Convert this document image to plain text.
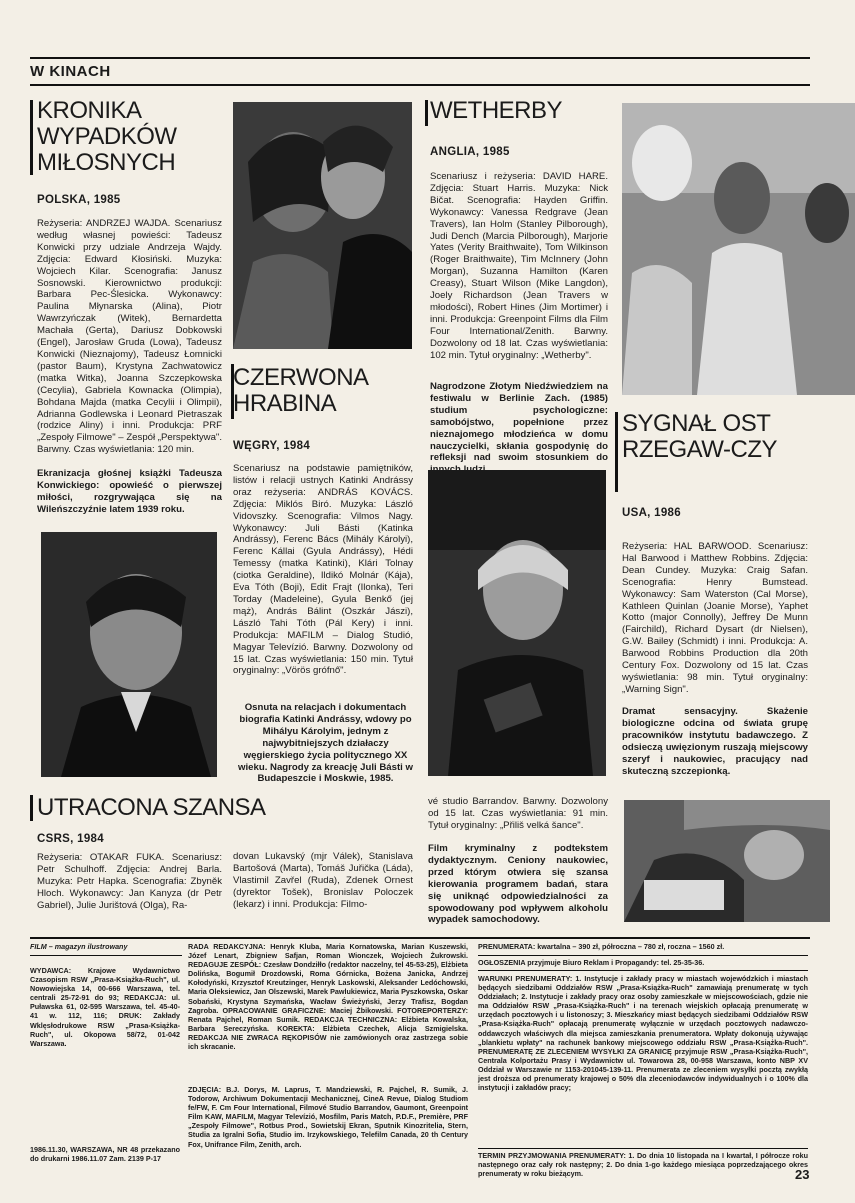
W KINACH
KRONIKA WYPADKÓW MIŁOSNYCH
POLSKA, 1985
Reżyseria: ANDRZEJ WAJDA. Scenariusz według własnej powieści: Tadeusz Konwicki przy udziale Andrzeja Wajdy. Zdjęcia: Edward Kłosiński. Muzyka: Wojciech Kilar. Scenografia: Janusz Sosnowski. Kierownictwo produkcji: Barbara Pec-Ślesicka. Wykonawcy: Paulina Młynarska (Alina), Piotr Wawrzyńczak (Witek), Bernardetta Machała (Gerta), Dariusz Dobkowski (Engel), Jarosław Gruda (Lowa), Tadeusz Konwicki (Nieznajomy), Tadeusz Łomnicki (pastor Baum), Krystyna Zachwatowicz (matka Witka), Joanna Szczepkowska (Cecylia), Gabriela Kownacka (Olimpia), Bohdana Majda (matka Cecylii i Olimpii), Adrianna Godlewska i Leonard Pietraszak (rodzice Aliny) i inni. Produkcja: PRF „Zespoły Filmowe" – Zespół „Perspektywa". Barwny. Czas wyświetlania: 120 min.
Ekranizacja głośnej książki Tadeusza Konwickiego: opowieść o pierwszej miłości, rozgrywająca się na Wileńszczyźnie latem 1939 roku.
CZERWONA HRABINA
WĘGRY, 1984
Scenariusz na podstawie pamiętników, listów i relacji ustnych Katinki Andrássy oraz reżyseria: ANDRÁS KOVÁCS. Zdjęcia: Miklós Biró. Muzyka: László Vidovszky. Scenografia: Vilmos Nagy. Wykonawcy: Juli Básti (Katinka Andrássy), Ferenc Bács (Mihály Károlyi), Ferenc Kállai (Gyula Andrássy), Hédi Temessy (matka Katinki), Klári Tolnay (ciotka Geraldine), Ildikó Molnár (Kája), Eva Tóth (Boji), Edit Frajt (Ilonka), Teri Torday (Madeleine), Gyula Benkő (jej mąż), András Bálint (Oszkár Jászi), László Tahi Tóth (Pál Kery) i inni. Produkcja: MAFILM – Dialog Studió, Magyar Televízió. Barwny. Dozwolony od 15 lat. Czas wyświetlania: 150 min. Tytuł oryginalny: „Vörös grófnő".
Osnuta na relacjach i dokumentach biografia Katinki Andrássy, wdowy po Mihályu Károlyim, jednym z najwybitniejszych działaczy węgierskiego życia politycznego XX wieku. Nagrody za kreację Juli Básti w Budapeszcie i Moskwie, 1985.
WETHERBY
ANGLIA, 1985
Scenariusz i reżyseria: DAVID HARE. Zdjęcia: Stuart Harris. Muzyka: Nick Bičat. Scenografia: Hayden Griffin. Wykonawcy: Vanessa Redgrave (Jean Travers), Ian Holm (Stanley Pilborough), Judi Dench (Marcia Pilborough), Marjorie Yates (Verity Braithwaite), Tom Wilkinson (Roger Braithwaite), Tim McInnery (John Morgan), Suzanna Hamilton (Karen Creasy), Stuart Wilson (Mike Langdon), Joely Richardson (Jean Travers w młodości), Robert Hines (Jim Mortimer) i inni. Produkcja: Greenpoint Films dla Film Four International/Zenith. Barwny. Dozwolony od 18 lat. Czas wyświetlania: 102 min. Tytuł oryginalny: „Wetherby".
Nagrodzone Złotym Niedźwiedziem na festiwalu w Berlinie Zach. (1985) studium psychologiczne: samobójstwo, popełnione przez nieznajomego młodzieńca w domu nauczycielki, skłania gospodynię do refleksji nad swoim stosunkiem do
SYGNAŁ OSTRZEGAW-CZY
USA, 1986
Reżyseria: HAL BARWOOD. Scenariusz: Hal Barwood i Matthew Robbins. Zdjęcia: Dean Cundey. Muzyka: Craig Safan. Scenografia: Henry Bumstead. Wykonawcy: Sam Waterston (Cal Morse), Kathleen Quinlan (Joanie Morse), Yaphet Kotto (major Connolly), Jeffrey De Munn (Fairchild), Richard Dysart (dr Nielsen), G.W. Bailey (Schmidt) i inni. Produkcja: A. Barwood Robbins Production dla 20th Century Fox. Dozwolony od 15 lat. Czas wyświetlania: 98 min. Tytuł oryginalny: „Warning Sign".
Dramat sensacyjny. Skażenie biologiczne odcina od świata grupę pracowników instytutu badawczego. Z odsieczą uwięzionym ruszają miejscowy szeryf i naukowiec, pracujący nad skuteczną szczepionką.
UTRACONA SZANSA
CSRS, 1984
Reżyseria: OTAKAR FUKA. Scenariusz: Petr Schulhoff. Zdjęcia: Andrej Barla. Muzyka: Petr Hapka. Scenografia: Zbyněk Hloch. Wykonawcy: Jan Kanyza (dr Petr Gabriel), Julie Jurištová (Olga), Ra-
dovan Lukavský (mjr Válek), Stanislava Bartošová (Marta), Tomáš Juřička (Láda), Vlastimil Zavřel (Ruda), Zdenek Ornest (dyrektor Tošek), Bronislav Poloczek (lekarz) i inni. Produkcja: Filmo-
vé studio Barrandov. Barwny. Dozwolony od 15 lat. Czas wyświetlania: 91 min. Tytuł oryginalny: „Přiliš velká šance".
Film kryminalny z podtekstem dydaktycznym. Ceniony naukowiec, przed którym otwiera się szansa kierowania programem badań, stara się uniknąć odpowiedzialności za spowodowany pod wpływem alkoholu wypadek samochodowy.
FILM – magazyn ilustrowany
WYDAWCA: Krajowe Wydawnictwo Czasopism RSW „Prasa-Książka-Ruch", ul. Nowowiejska 14, 00-666 Warszawa, tel. centrali 25-72-91 do 93; REDAKCJA: ul. Puławska 61, 02-595 Warszawa, tel. 45-40-41 w. 112, 116; DRUK: Zakłady Wklęsłodrukowe RSW „Prasa-Książka-Ruch", ul. Okopowa 58/72, 01-042 Warszawa.
1986.11.30, WARSZAWA, NR 48 przekazano do drukarni 1986.11.07 Zam. 2139 P-17
RADA REDAKCYJNA: Henryk Kluba, Maria Kornatowska, Marian Kuszewski, Józef Lenart, Zbigniew Safjan, Roman Wionczek, Wojciech Żukrowski. REDAGUJE ZESPÓŁ: Czesław Dondziłło (redaktor naczelny, tel 45-53-25), Elżbieta Dolińska, Bogumił Drozdowski, Roma Górnicka, Bożena Janicka, Andrzej Kołodyński, Krzysztof Kreutzinger, Henryk Laskowski, Aleksander Ledóchowski, Maria Oleksiewicz, Jan Olszewski, Marek Pawlukiewicz, Maria Pyszkowska, Oskar Sobański, Krystyna Szymańska, Wacław Świeżyński, Jerzy Trafisz, Bogdan Zagroba. OPRACOWANIE GRAFICZNE: Maciej Żbikowski. FOTOREPORTERZY: Renata Pajchel, Roman Sumik. REDAKCJA TECHNICZNA: Elżbieta Kowalska, Barbara Sereczyńska. KOREKTA: Elżbieta Czechek, Alicja Szmigielska. REDAKCJA NIE ZWRACA RĘKOPISÓW nie zamówionych oraz zastrzega sobie ich skracanie.
ZDJĘCIA: B.J. Dorys, M. Laprus, T. Mandziewski, R. Pajchel, R. Sumik, J. Todorow, Archiwum Dokumentacji Mechanicznej, CineA Revue, Dialog Studiom fe/FW, F. Cm Four International, Filmové Studio Barrandov, Gaumont, Greenpoint Film KAW, MAFILM, Magyar Televízió, Mosfilm, Paris Match, P.D.F., Première, PRF „Zespoły Filmowe", Rotbus Prod., Sowietskij Ekran, Sputnik Kinozritelia, Stern, Studia za Igralni Sofia, Studio im. Irzykowskiego, Telefilm Canada, 20 th Century Fox, Unifrance Film, Zenith, arch.
PRENUMERATA: kwartalna – 390 zł, półroczna – 780 zł, roczna – 1560 zł.
OGŁOSZENIA przyjmuje Biuro Reklam i Propagandy: tel. 25-35-36.
WARUNKI PRENUMERATY: 1. Instytucje i zakłady pracy w miastach wojewódzkich i miastach będących siedzibami Oddziałów RSW „Prasa-Książka-Ruch" zamawiają prenumeratę w tych Oddziałach; 2. Instytucje i zakłady pracy oraz osoby zamieszkałe w miejscowościach, gdzie nie ma Oddziałów RSW „Prasa-Książka-Ruch" i na terenach wiejskich opłacają prenumeratę w urzędach pocztowych i u listonoszy; 3. Mieszkańcy miast będących siedzibami Oddziałów RSW „Prasa-Książka-Ruch" opłacają prenumeratę wyłącznie w urzędach pocztowych nadawczo-oddawczych właściwych dla miejsca zamieszkania prenumeratora. Wpłaty dokonują używając „blankietu wpłaty" na rachunek bankowy miejscowego oddziału RSW „Prasa-Książka-Ruch". PRENUMERATĘ ZE ZLECENIEM WYSYŁKI ZA GRANICĘ przyjmuje RSW „Prasa-Książka-Ruch", Centrala Kolportażu Prasy i Wydawnictw ul. Towarowa 28, 00-958 Warszawa, konto NBP XV Oddział w Warszawie nr 1153-201045-139-11. Prenumerata ze zleceniem wysyłki pocztą zwykłą jest droższa od prenumeraty krajowej o 50% dla zleceniodawców indywidualnych i o 100% dla instytucji i zakładów pracy;
TERMIN PRZYJMOWANIA PRENUMERATY: 1. Do dnia 10 listopada na I kwartał, I półrocze roku następnego oraz cały rok następny; 2. Do dnia 1-go każdego miesiąca poprzedzającego okres prenumeraty w roku bieżącym.	23
